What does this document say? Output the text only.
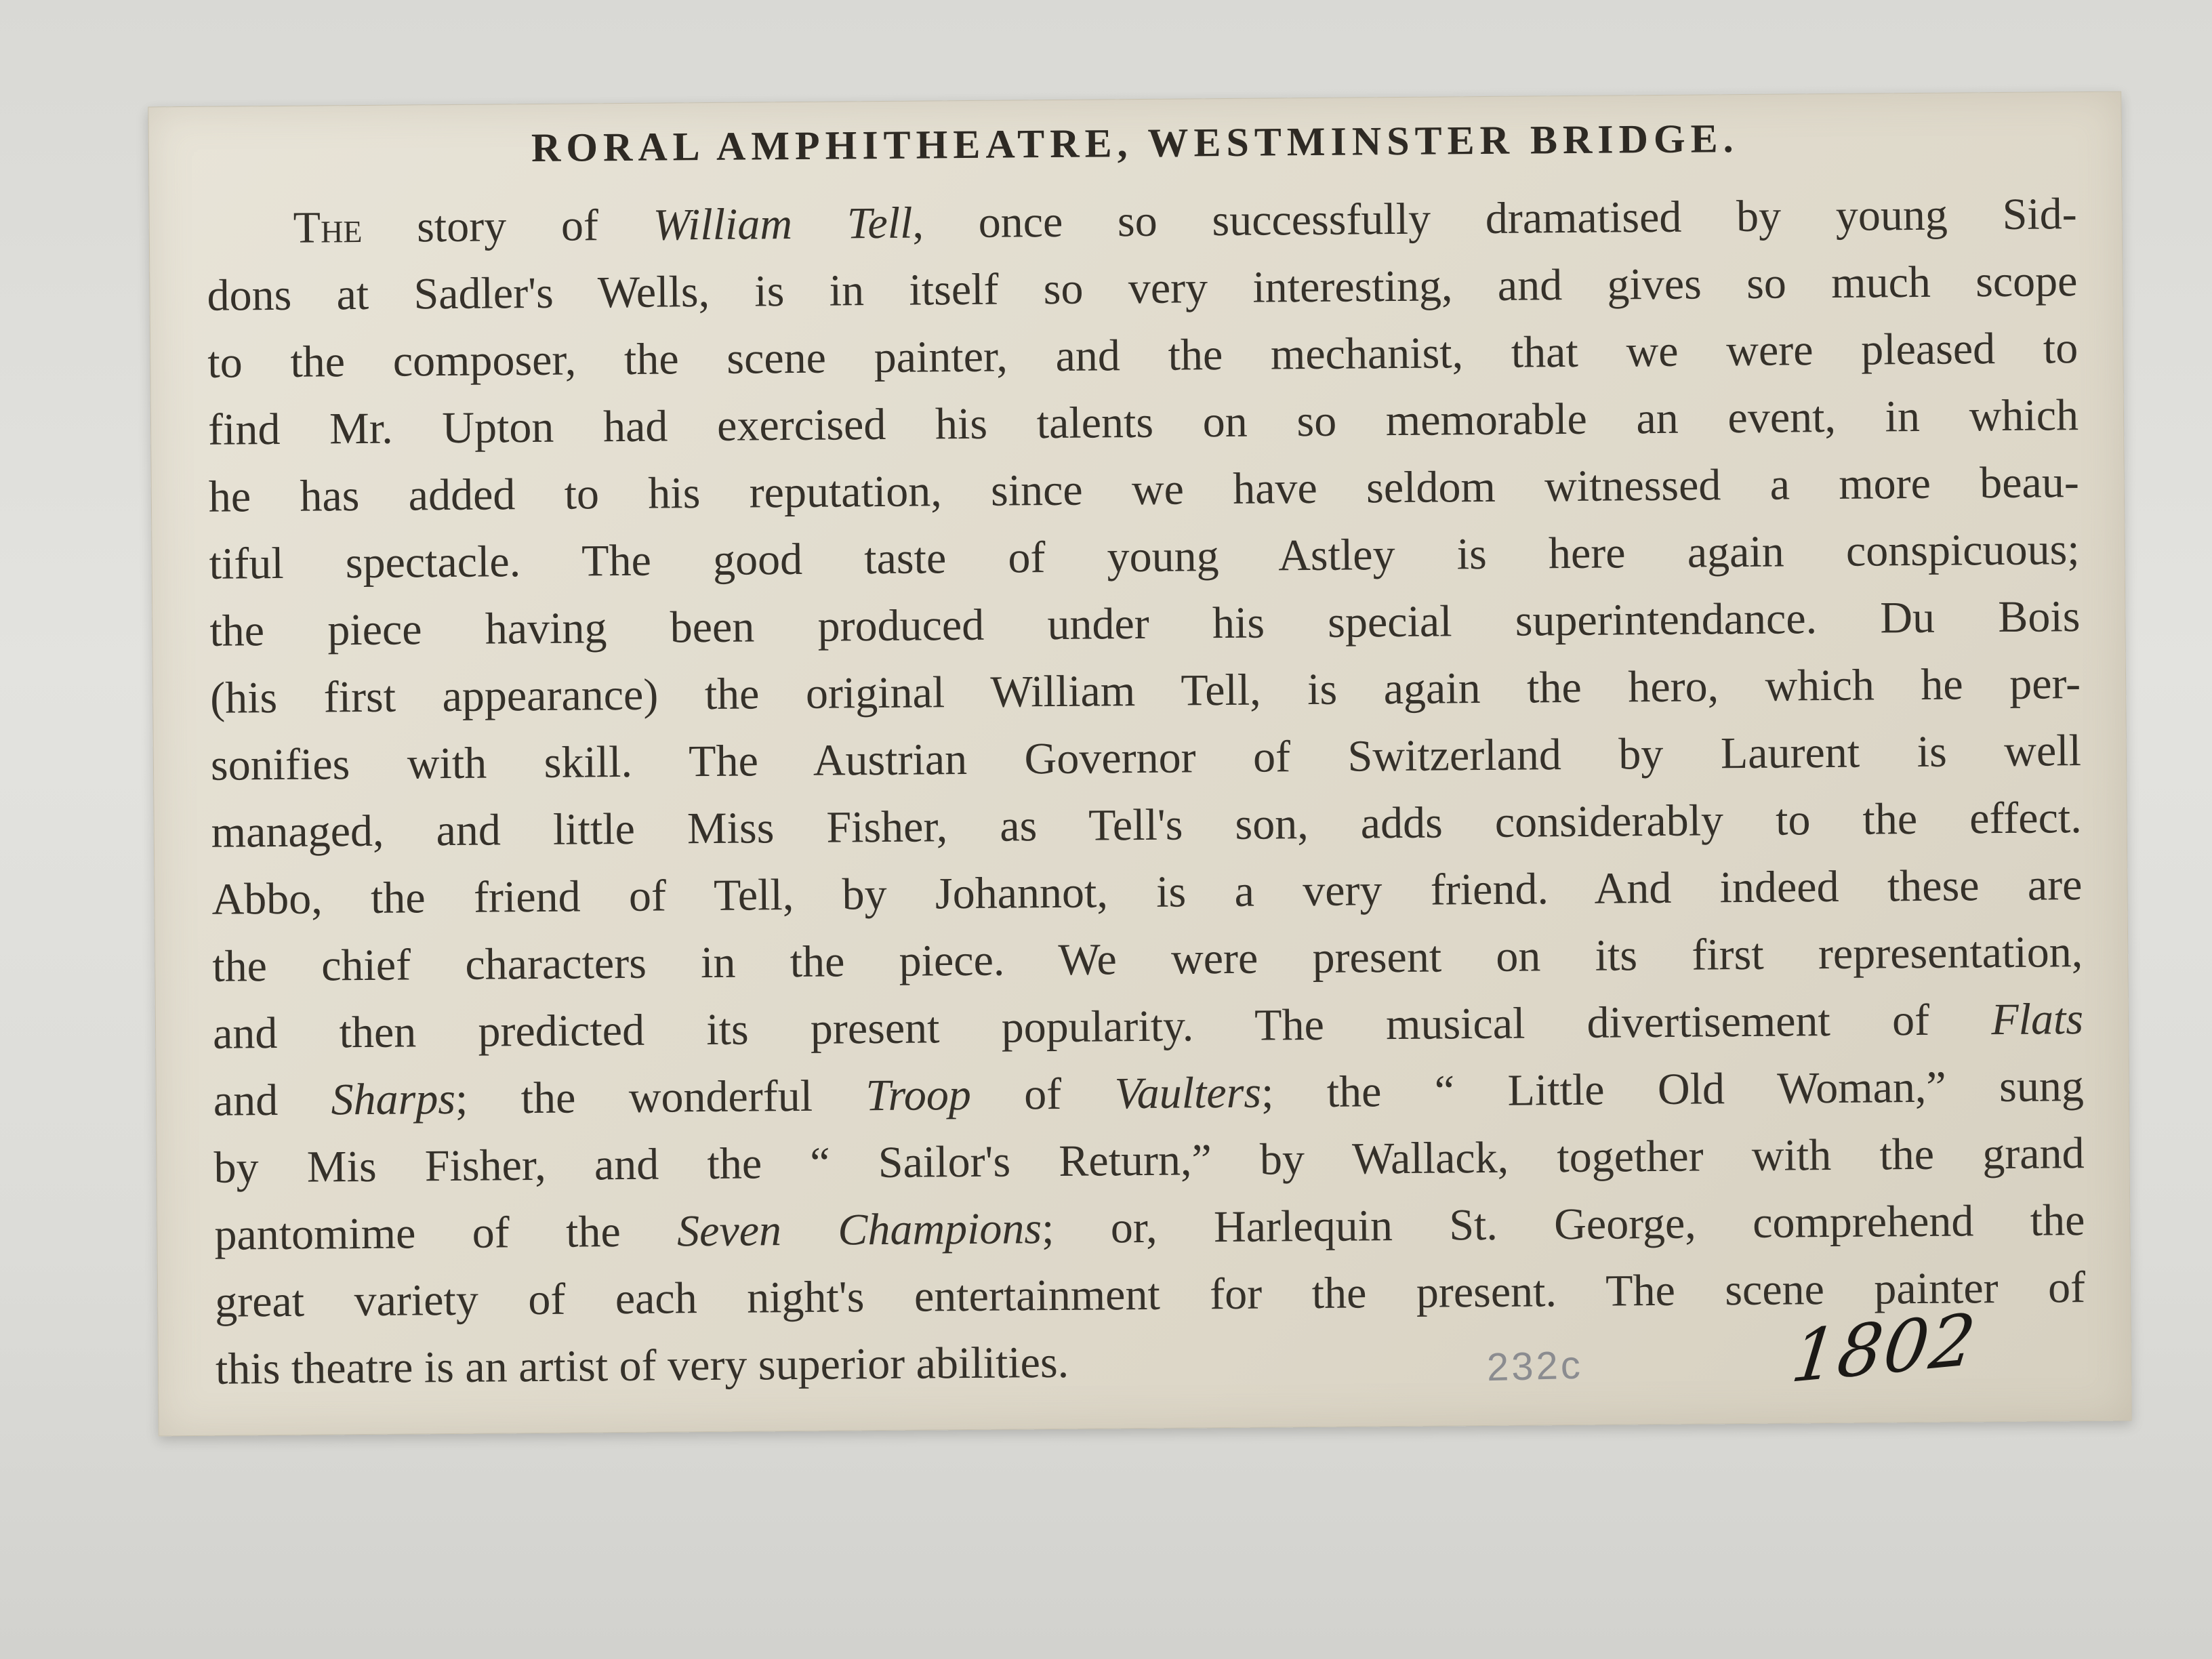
RORAL AMPHITHEATRE, WESTMINSTER BRIDGE.
The story of William Tell, once so successfully dramatised by young Sid-
dons at Sadler's Wells, is in itself so very interesting, and gives so much scope
to the composer, the scene painter, and the mechanist, that we were pleased to
find Mr. Upton had exercised his talents on so memorable an event, in which
he has added to his reputation, since we have seldom witnessed a more beau-
tiful spectacle. The good taste of young Astley is here again conspicuous;
the piece having been produced under his special superintendance. Du Bois
(his first appearance) the original William Tell, is again the hero, which he per-
sonifies with skill. The Austrian Governor of Switzerland by Laurent is well
managed, and little Miss Fisher, as Tell's son, adds considerably to the effect.
Abbo, the friend of Tell, by Johannot, is a very friend. And indeed these are
the chief characters in the piece. We were present on its first representation,
and then predicted its present popularity. The musical divertisement of Flats
and Sharps; the wonderful Troop of Vaulters; the “ Little Old Woman,” sung
by Mis Fisher, and the “ Sailor's Return,” by Wallack, together with the grand
pantomime of the Seven Champions; or, Harlequin St. George, comprehend the
great variety of each night's entertainment for the present. The scene painter of
this theatre is an artist of very superior abilities.	232c	1802
